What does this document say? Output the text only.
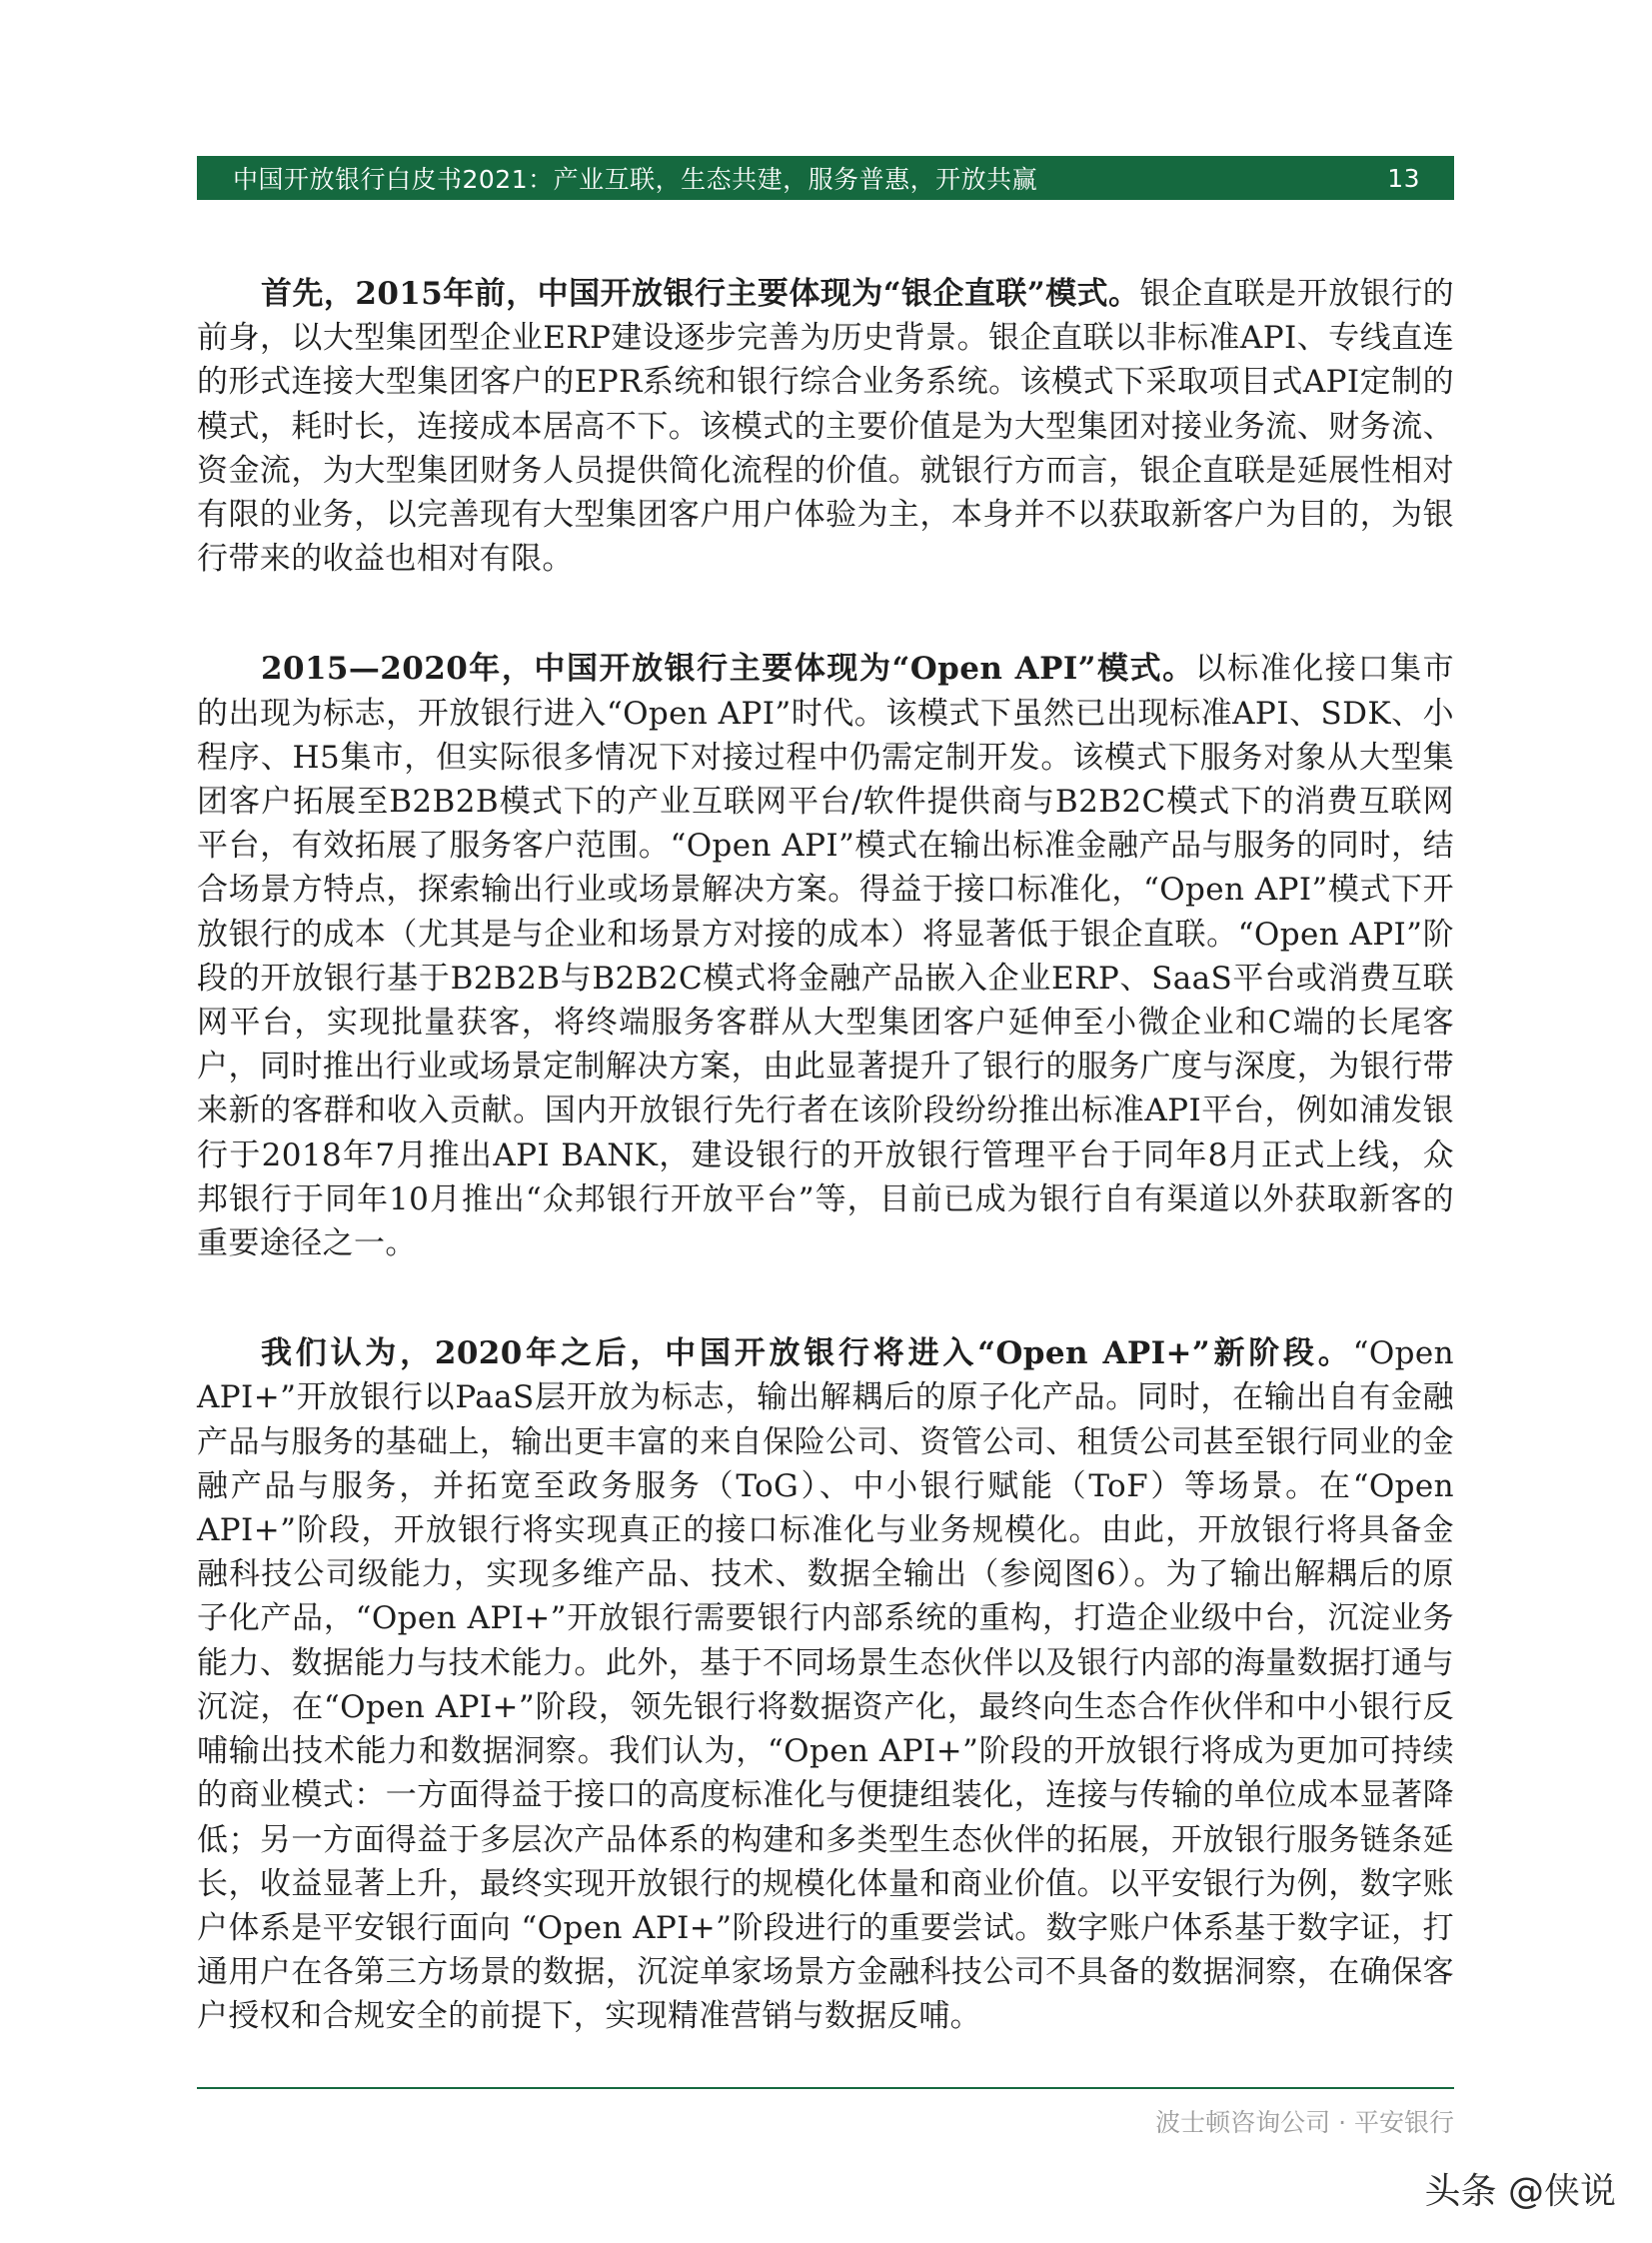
中国开放银行白皮书2021：产业互联，生态共建，服务普惠，开放共赢	13

首先，2015年前，中国开放银行主要体现为“银企直联”模式。银企直联是开放银行的前身，以大型集团型企业ERP建设逐步完善为历史背景。银企直联以非标准API、专线直连的形式连接大型集团客户的EPR系统和银行综合业务系统。该模式下采取项目式API定制的模式，耗时长，连接成本居高不下。该模式的主要价值是为大型集团对接业务流、财务流、资金流，为大型集团财务人员提供简化流程的价值。就银行方而言，银企直联是延展性相对有限的业务，以完善现有大型集团客户用户体验为主，本身并不以获取新客户为目的，为银行带来的收益也相对有限。

2015—2020年，中国开放银行主要体现为“Open API”模式。以标准化接口集市的出现为标志，开放银行进入“Open API”时代。该模式下虽然已出现标准API、SDK、小程序、H5集市，但实际很多情况下对接过程中仍需定制开发。该模式下服务对象从大型集团客户拓展至B2B2B模式下的产业互联网平台/软件提供商与B2B2C模式下的消费互联网平台，有效拓展了服务客户范围。“Open API”模式在输出标准金融产品与服务的同时，结合场景方特点，探索输出行业或场景解决方案。得益于接口标准化，“Open API”模式下开放银行的成本（尤其是与企业和场景方对接的成本）将显著低于银企直联。“Open API”阶段的开放银行基于B2B2B与B2B2C模式将金融产品嵌入企业ERP、SaaS平台或消费互联网平台，实现批量获客，将终端服务客群从大型集团客户延伸至小微企业和C端的长尾客户，同时推出行业或场景定制解决方案，由此显著提升了银行的服务广度与深度，为银行带来新的客群和收入贡献。国内开放银行先行者在该阶段纷纷推出标准API平台，例如浦发银行于2018年7月推出API BANK，建设银行的开放银行管理平台于同年8月正式上线，众邦银行于同年10月推出“众邦银行开放平台”等，目前已成为银行自有渠道以外获取新客的重要途径之一。

我们认为，2020年之后，中国开放银行将进入“Open API+”新阶段。“Open API+”开放银行以PaaS层开放为标志，输出解耦后的原子化产品。同时，在输出自有金融产品与服务的基础上，输出更丰富的来自保险公司、资管公司、租赁公司甚至银行同业的金融产品与服务，并拓宽至政务服务（ToG）、中小银行赋能（ToF）等场景。在“Open API+”阶段，开放银行将实现真正的接口标准化与业务规模化。由此，开放银行将具备金融科技公司级能力，实现多维产品、技术、数据全输出（参阅图6）。为了输出解耦后的原子化产品，“Open API+”开放银行需要银行内部系统的重构，打造企业级中台，沉淀业务能力、数据能力与技术能力。此外，基于不同场景生态伙伴以及银行内部的海量数据打通与沉淀，在“Open API+”阶段，领先银行将数据资产化，最终向生态合作伙伴和中小银行反哺输出技术能力和数据洞察。我们认为，“Open API+”阶段的开放银行将成为更加可持续的商业模式：一方面得益于接口的高度标准化与便捷组装化，连接与传输的单位成本显著降低；另一方面得益于多层次产品体系的构建和多类型生态伙伴的拓展，开放银行服务链条延长，收益显著上升，最终实现开放银行的规模化体量和商业价值。以平安银行为例，数字账户体系是平安银行面向 “Open API+”阶段进行的重要尝试。数字账户体系基于数字证，打通用户在各第三方场景的数据，沉淀单家场景方金融科技公司不具备的数据洞察，在确保客户授权和合规安全的前提下，实现精准营销与数据反哺。

波士顿咨询公司 · 平安银行
头条 @侠说
